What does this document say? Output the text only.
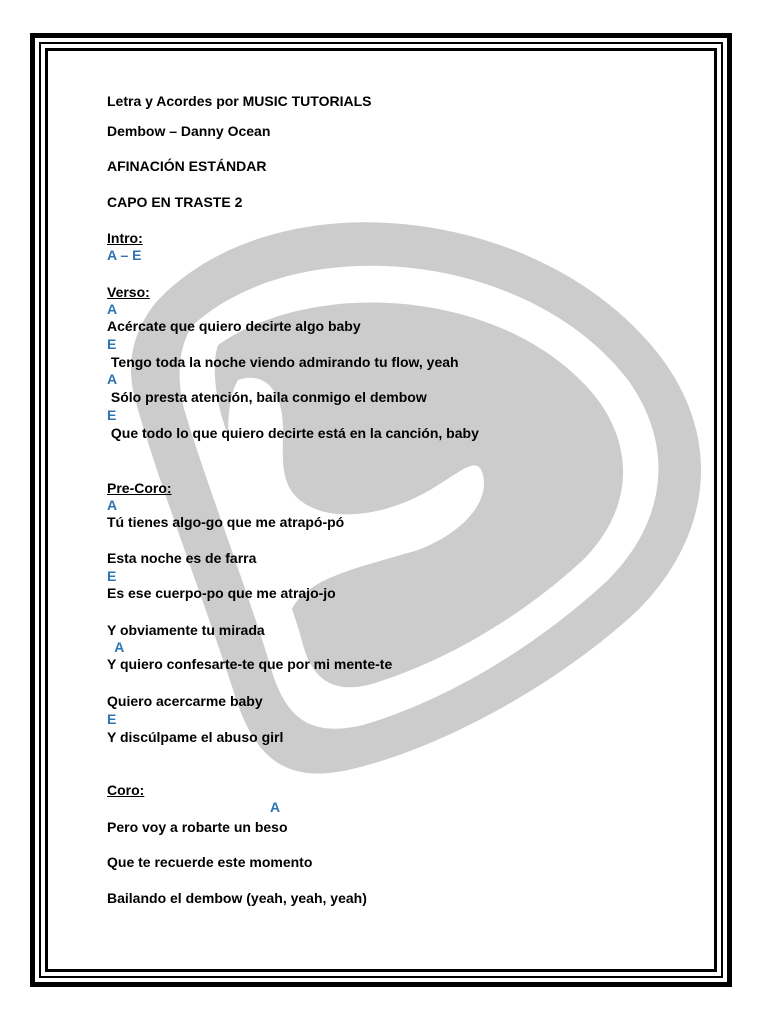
Letra y Acordes por MUSIC TUTORIALS
Dembow – Danny Ocean
AFINACIÓN ESTÁNDAR
CAPO EN TRASTE 2
Intro:
A – E
Verso:
A
Acércate que quiero decirte algo baby
E
Tengo toda la noche viendo admirando tu flow, yeah
A
Sólo presta atención, baila conmigo el dembow
E
Que todo lo que quiero decirte está en la canción, baby
Pre-Coro:
A
Tú tienes algo-go que me atrapó-pó
Esta noche es de farra
E
Es ese cuerpo-po que me atrajo-jo
Y obviamente tu mirada
A
Y quiero confesarte-te que por mi mente-te
Quiero acercarme baby
E
Y discúlpame el abuso girl
Coro:
A
Pero voy a robarte un beso
Que te recuerde este momento
Bailando el dembow (yeah, yeah, yeah)
